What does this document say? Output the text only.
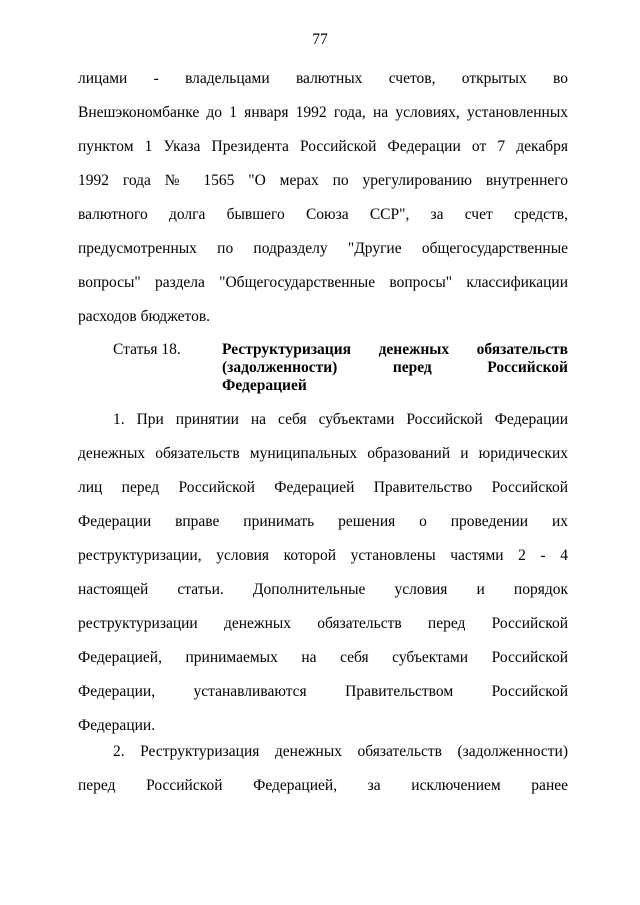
77
лицами - владельцами валютных счетов, открытых во
Внешэкономбанке до 1 января 1992 года, на условиях, установленных
пунктом 1 Указа Президента Российской Федерации от 7 декабря
1992 года № 1565 "О мерах по урегулированию внутреннего
валютного долга бывшего Союза ССР", за счет средств,
предусмотренных по подразделу "Другие общегосударственные
вопросы" раздела "Общегосударственные вопросы" классификации
расходов бюджетов.
Статья 18.	Реструктуризация денежных обязательств
(задолженности) перед Российской
Федерацией
1. При принятии на себя субъектами Российской Федерации
денежных обязательств муниципальных образований и юридических
лиц перед Российской Федерацией Правительство Российской
Федерации вправе принимать решения о проведении их
реструктуризации, условия которой установлены частями 2 - 4
настоящей статьи. Дополнительные условия и порядок
реструктуризации денежных обязательств перед Российской
Федерацией, принимаемых на себя субъектами Российской
Федерации, устанавливаются Правительством Российской
Федерации.
2. Реструктуризация денежных обязательств (задолженности)
перед Российской Федерацией, за исключением ранее
